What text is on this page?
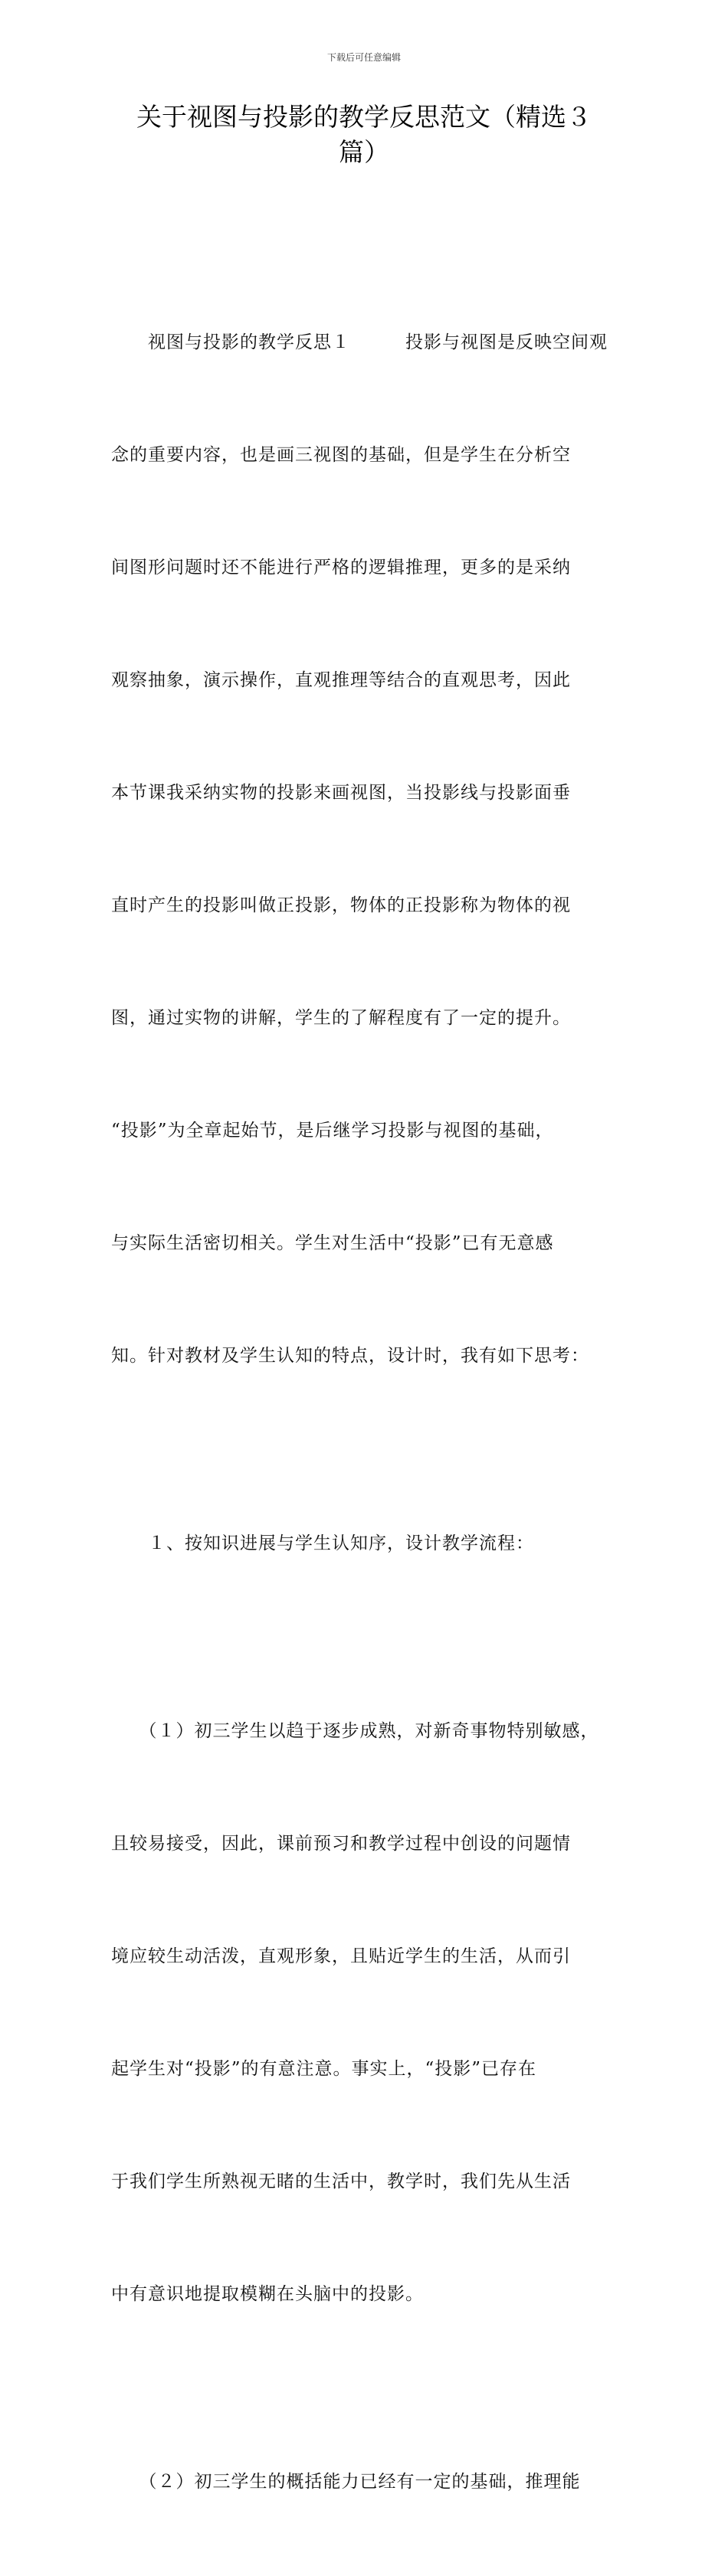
下载后可任意编辑
关于视图与投影的教学反思范文（精选３
篇）

　　视图与投影的教学反思１　　　投影与视图是反映空间观

念的重要内容，也是画三视图的基础，但是学生在分析空

间图形问题时还不能进行严格的逻辑推理，更多的是采纳

观察抽象，演示操作，直观推理等结合的直观思考，因此

本节课我采纳实物的投影来画视图，当投影线与投影面垂

直时产生的投影叫做正投影，物体的正投影称为物体的视

图，通过实物的讲解，学生的了解程度有了一定的提升。

“投影”为全章起始节，是后继学习投影与视图的基础，

与实际生活密切相关。学生对生活中“投影”已有无意感

知。针对教材及学生认知的特点，设计时，我有如下思考：

　　１、按知识进展与学生认知序，设计教学流程：

　　（１）初三学生以趋于逐步成熟，对新奇事物特别敏感，

且较易接受，因此，课前预习和教学过程中创设的问题情

境应较生动活泼，直观形象，且贴近学生的生活，从而引

起学生对“投影”的有意注意。事实上，“投影”已存在

于我们学生所熟视无睹的生活中，教学时，我们先从生活

中有意识地提取模糊在头脑中的投影。

　　（２）初三学生的概括能力已经有一定的基础，推理能
